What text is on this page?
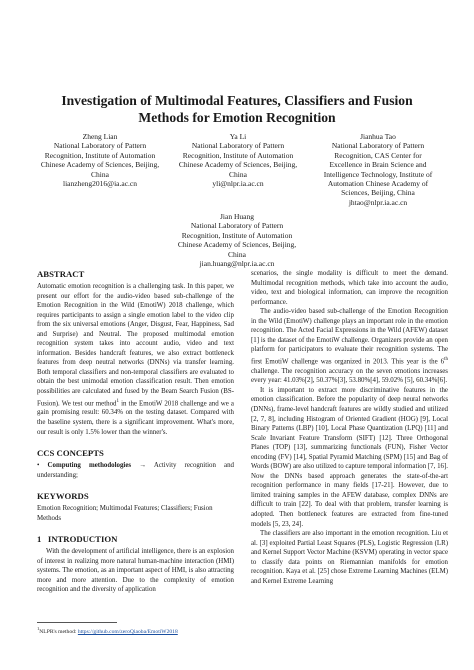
Investigation of Multimodal Features, Classifiers and Fusion
Methods for Emotion Recognition
Zheng Lian
National Laboratory of Pattern
Recognition, Institute of Automation
Chinese Academy of Sciences, Beijing,
China
lianzheng2016@ia.ac.cn
Ya Li
National Laboratory of Pattern
Recognition, Institute of Automation
Chinese Academy of Sciences, Beijing,
China
yli@nlpr.ia.ac.cn
Jianhua Tao
National Laboratory of Pattern
Recognition, CAS Center for
Excellence in Brain Science and
Intelligence Technology, Institute of
Automation Chinese Academy of
Sciences, Beijing, China
jhtao@nlpr.ia.ac.cn
Jian Huang
National Laboratory of Pattern
Recognition, Institute of Automation
Chinese Academy of Sciences, Beijing,
China
jian.huang@nlpr.ia.ac.cn
ABSTRACT

Automatic emotion recognition is a challenging task. In this paper, we present our effort for the audio-video based sub-challenge of the Emotion Recognition in the Wild (EmotiW) 2018 challenge, which requires participants to assign a single emotion label to the video clip from the six universal emotions (Anger, Disgust, Fear, Happiness, Sad and Surprise) and Neutral. The proposed multimodal emotion recognition system takes into account audio, video and text information. Besides handcraft features, we also extract bottleneck features from deep neutral networks (DNNs) via transfer learning. Both temporal classifiers and non-temporal classifiers are evaluated to obtain the best unimodal emotion classification result. Then emotion possibilities are calculated and fused by the Beam Search Fusion (BS-Fusion). We test our method$^1$ in the EmotiW 2018 challenge and we a gain promising result: 60.34% on the testing dataset. Compared with the baseline system, there is a significant improvement. What's more, our result is only 1.5% lower than the winner's.

CCS CONCEPTS

• Computing methodologies → Activity recognition and understanding;

KEYWORDS

Emotion Recognition; Multimodal Features; Classifiers; Fusion Methods

1 INTRODUCTION

With the development of artificial intelligence, there is an explosion of interest in realizing more natural human-machine interaction (HMI) systems. The emotion, as an important aspect of HMI, is also attracting more and more attention. Due to the complexity of emotion recognition and the diversity of application

scenarios, the single modality is difficult to meet the demand. Multimodal recognition methods, which take into account the audio, video, text and biological information, can improve the recognition performance.

The audio-video based sub-challenge of the Emotion Recognition in the Wild (EmotiW) challenge plays an important role in the emotion recognition. The Acted Facial Expressions in the Wild (AFEW) dataset [1] is the dataset of the EmotiW challenge. Organizers provide an open platform for participators to evaluate their recognition systems. The first EmotiW challenge was organized in 2013. This year is the 6th challenge. The recognition accuracy on the seven emotions increases every year: 41.03%[2], 50.37%[3], 53.80%[4], 59.02% [5], 60.34%[6].

It is important to extract more discriminative features in the emotion classification. Before the popularity of deep neural networks (DNNs), frame-level handcraft features are wildly studied and utilized [2, 7, 8], including Histogram of Oriented Gradient (HOG) [9], Local Binary Patterns (LBP) [10], Local Phase Quantization (LPQ) [11] and Scale Invariant Feature Transform (SIFT) [12]. Three Orthogonal Planes (TOP) [13], summarizing functionals (FUN), Fisher Vector encoding (FV) [14], Spatial Pyramid Matching (SPM) [15] and Bag of Words (BOW) are also utilized to capture temporal information [7, 16]. Now the DNNs based approach generates the state-of-the-art recognition performance in many fields [17-21]. However, due to limited training samples in the AFEW database, complex DNNs are difficult to train [22]. To deal with that problem, transfer learning is adopted. Then bottleneck features are extracted from fine-tuned models [5, 23, 24].

The classifiers are also important in the emotion recognition. Liu et al. [3] exploited Partial Least Squares (PLS), Logistic Regression (LR) and Kernel Support Vector Machine (KSVM) operating in vector space to classify data points on Riemannian manifolds for emotion recognition. Kaya et al. [25] chose Extreme Learning Machines (ELM) and Kernel Extreme Learning

$^1$NLPR's method: https://github.com/zeroQiaoba/EmotiW2018
